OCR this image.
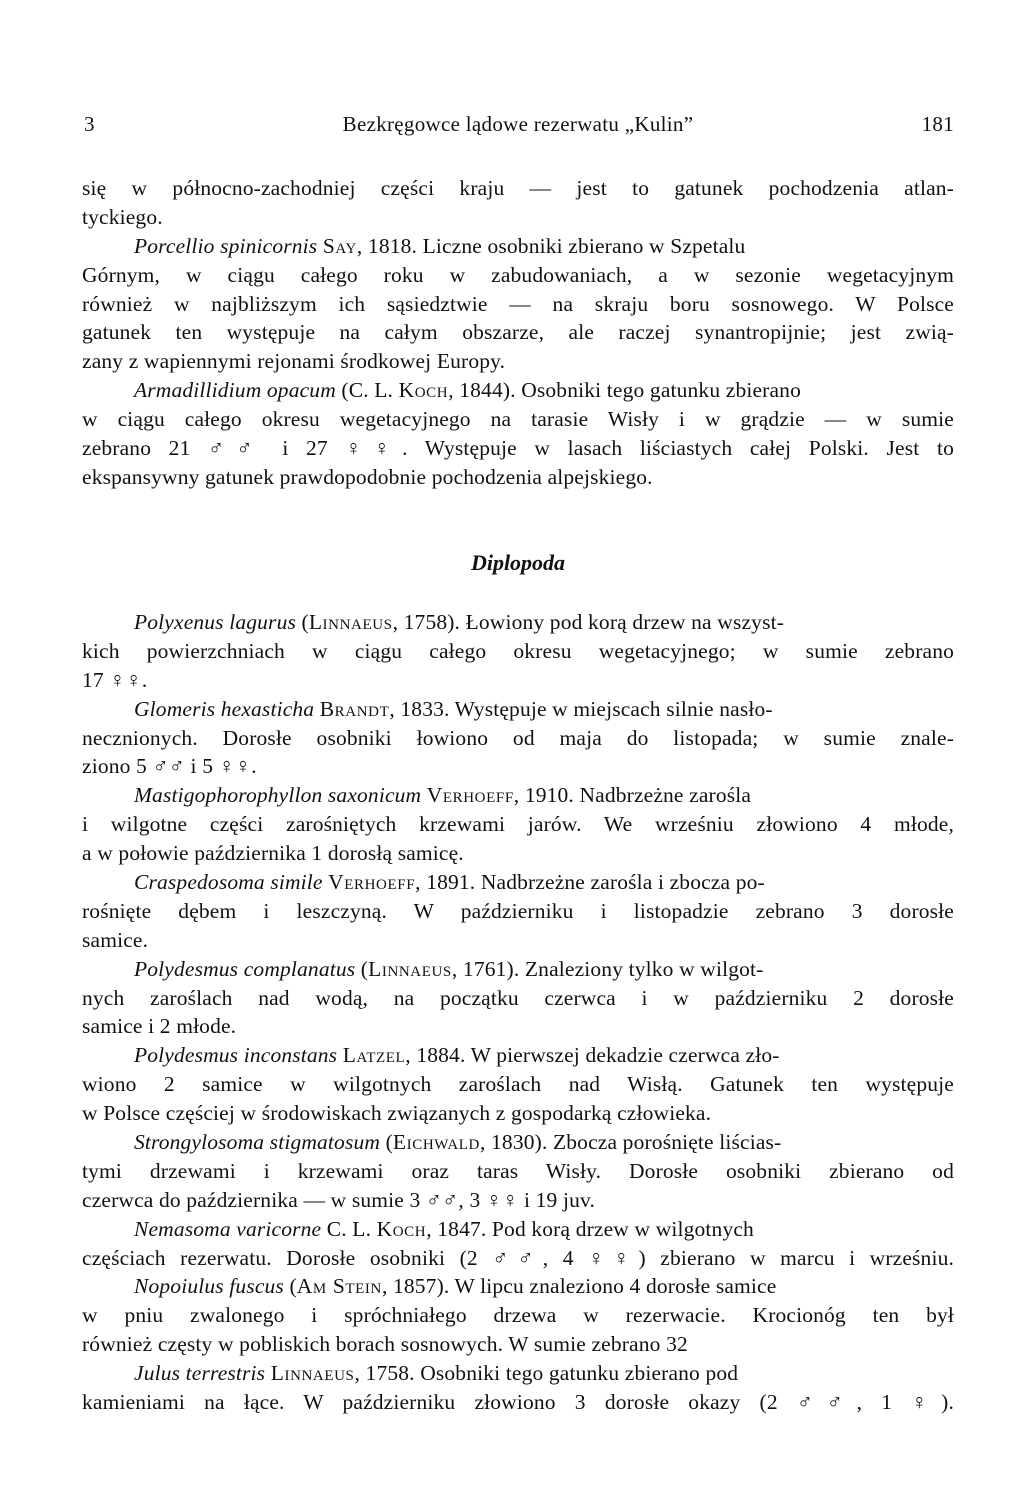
3	Bezkręgowce lądowe rezerwatu „Kulin”	181
się w północno-zachodniej części kraju — jest to gatunek pochodzenia atlan-
tyckiego.
Porcellio spinicornis Say, 1818. Liczne osobniki zbierano w Szpetalu
Górnym, w ciągu całego roku w zabudowaniach, a w sezonie wegetacyjnym
również w najbliższym ich sąsiedztwie — na skraju boru sosnowego. W Polsce
gatunek ten występuje na całym obszarze, ale raczej synantropijnie; jest zwią-
zany z wapiennymi rejonami środkowej Europy.
Armadillidium opacum (C. L. Koch, 1844). Osobniki tego gatunku zbierano
w ciągu całego okresu wegetacyjnego na tarasie Wisły i w grądzie — w sumie
zebrano 21 ♂♂ i 27 ♀♀. Występuje w lasach liściastych całej Polski. Jest to
ekspansywny gatunek prawdopodobnie pochodzenia alpejskiego.
Diplopoda
Polyxenus lagurus (Linnaeus, 1758). Łowiony pod korą drzew na wszyst-
kich powierzchniach w ciągu całego okresu wegetacyjnego; w sumie zebrano
17 ♀♀.
Glomeris hexasticha Brandt, 1833. Występuje w miejscach silnie nasło-
necznionych. Dorosłe osobniki łowiono od maja do listopada; w sumie znale-
ziono 5 ♂♂ i 5 ♀♀.
Mastigophorophyllon saxonicum Verhoeff, 1910. Nadbrzeżne zarośla
i wilgotne części zarośniętych krzewami jarów. We wrześniu złowiono 4 młode,
a w połowie października 1 dorosłą samicę.
Craspedosoma simile Verhoeff, 1891. Nadbrzeżne zarośla i zbocza po-
rośnięte dębem i leszczyną. W październiku i listopadzie zebrano 3 dorosłe
samice.
Polydesmus complanatus (Linnaeus, 1761). Znaleziony tylko w wilgot-
nych zaroślach nad wodą, na początku czerwca i w październiku 2 dorosłe
samice i 2 młode.
Polydesmus inconstans Latzel, 1884. W pierwszej dekadzie czerwca zło-
wiono 2 samice w wilgotnych zaroślach nad Wisłą. Gatunek ten występuje
w Polsce częściej w środowiskach związanych z gospodarką człowieka.
Strongylosoma stigmatosum (Eichwald, 1830). Zbocza porośnięte liścias-
tymi drzewami i krzewami oraz taras Wisły. Dorosłe osobniki zbierano od
czerwca do października — w sumie 3 ♂♂, 3 ♀♀ i 19 juv.
Nemasoma varicorne C. L. Koch, 1847. Pod korą drzew w wilgotnych
częściach rezerwatu. Dorosłe osobniki (2 ♂♂, 4 ♀♀) zbierano w marcu i wrześniu.
Nopoiulus fuscus (Am Stein, 1857). W lipcu znaleziono 4 dorosłe samice
w pniu zwalonego i spróchniałego drzewa w rezerwacie. Krocionóg ten był
również częsty w pobliskich borach sosnowych. W sumie zebrano 32
Julus terrestris Linnaeus, 1758. Osobniki tego gatunku zbierano pod
kamieniami na łące. W październiku złowiono 3 dorosłe okazy (2 ♂♂, 1 ♀).
